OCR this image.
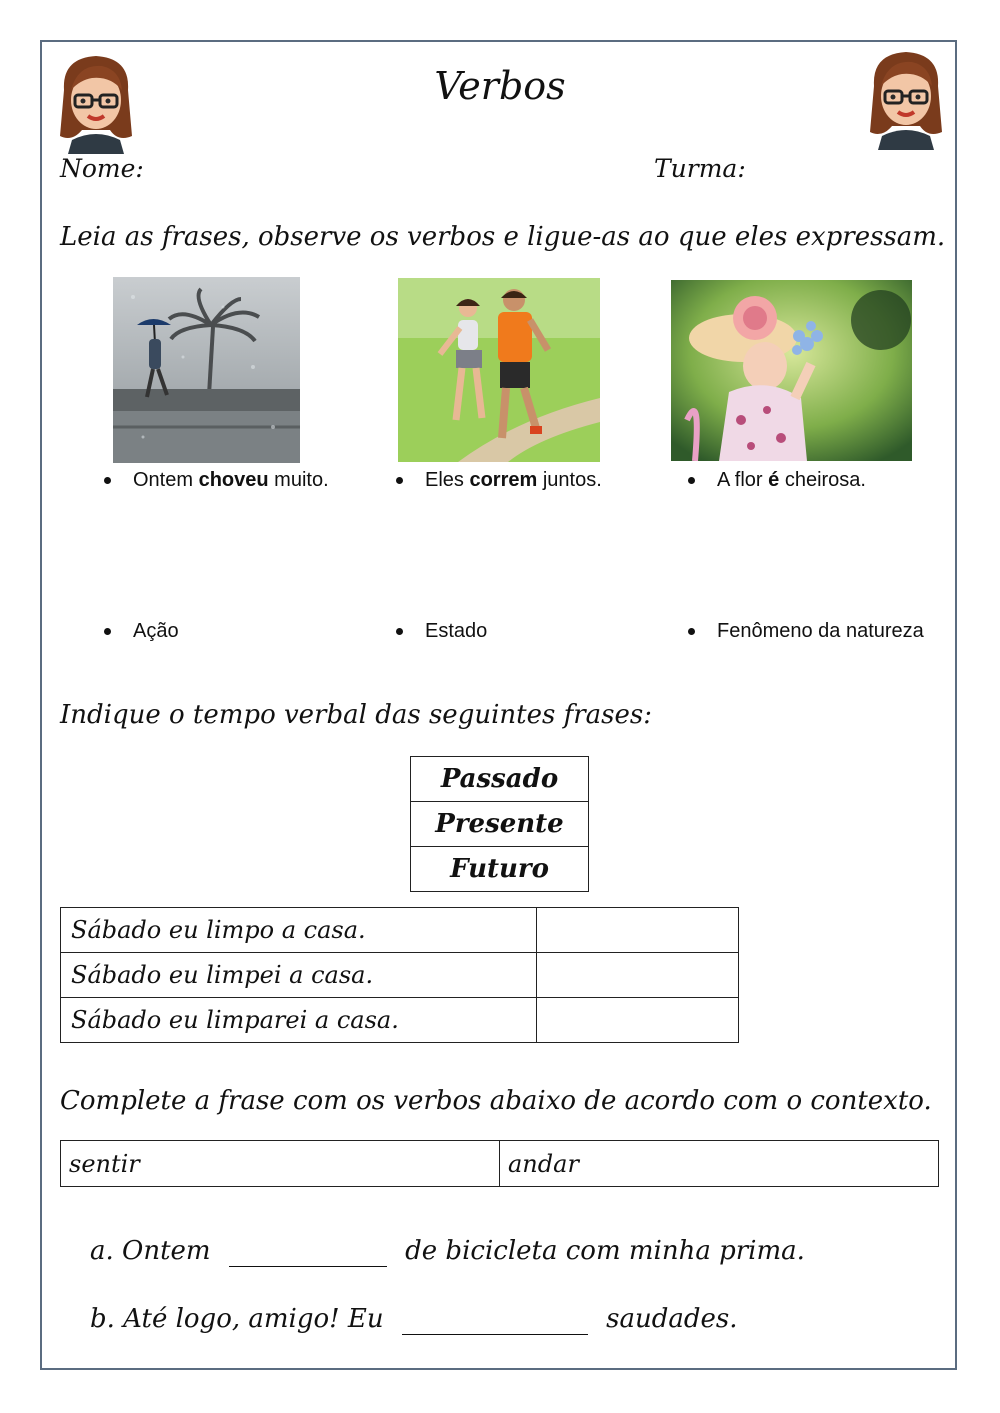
Verbos
Nome:	Turma:
Leia as frases, observe os verbos e ligue-as ao que eles expressam.
Ontem choveu muito.	Eles correm juntos.	A flor é cheirosa.
Ação	Estado	Fenômeno da natureza
Indique o tempo verbal das seguintes frases:
Passado
Presente
Futuro
Sábado eu limpo a casa.	
Sábado eu limpei a casa.	
Sábado eu limparei a casa.	
Complete a frase com os verbos abaixo de acordo com o contexto.
sentir	andar
a. Ontem	de bicicleta com minha prima.
b. Até logo, amigo! Eu	saudades.
